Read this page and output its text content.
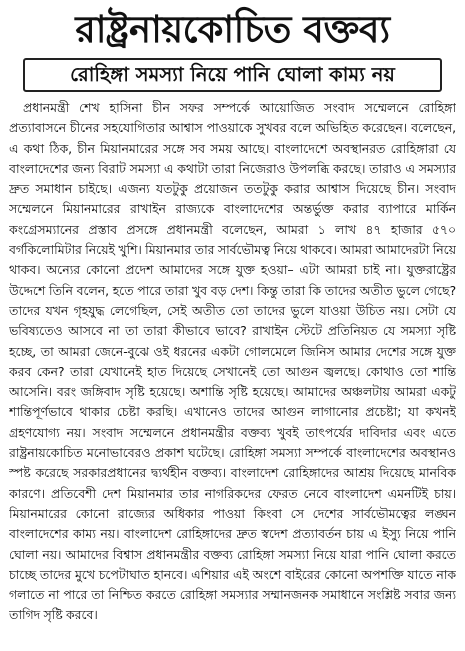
রাষ্ট্রনায়কোচিত বক্তব্য
রোহিঙ্গা সমস্যা নিয়ে পানি ঘোলা কাম্য নয়
প্রধানমন্ত্রী শেখ হাসিনা চীন সফর সম্পর্কে আয়োজিত সংবাদ সম্মেলনে রোহিঙ্গা প্রত্যাবাসনে চীনের সহযোগিতার আশ্বাস পাওয়াকে সুখবর বলে অভিহিত করেছেন। বলেছেন, এ কথা ঠিক, চীন মিয়ানমারের সঙ্গে সব সময় আছে। বাংলাদেশে অবস্থানরত রোহিঙ্গারা যে বাংলাদেশের জন্য বিরাট সমস্যা এ কথাটা তারা নিজেরাও উপলব্ধি করছে। তারাও এ সমস্যার দ্রুত সমাধান চাইছে। এজন্য যতটুকু প্রয়োজন ততটুকু করার আশ্বাস দিয়েছে চীন। সংবাদ সম্মেলনে মিয়ানমারের রাখাইন রাজ্যকে বাংলাদেশের অন্তর্ভুক্ত করার ব্যাপারে মার্কিন কংগ্রেসম্যানের প্রস্তাব প্রসঙ্গে প্রধানমন্ত্রী বলেছেন, আমরা ১ লাখ ৪৭ হাজার ৫৭০ বর্গকিলোমিটার নিয়েই খুশি। মিয়ানমার তার সার্বভৌমত্ব নিয়ে থাকবে। আমরা আমাদেরটা নিয়ে থাকব। অন্যের কোনো প্রদেশ আমাদের সঙ্গে যুক্ত হওয়া– এটা আমরা চাই না। যুক্তরাষ্ট্রের উদ্দেশে তিনি বলেন, হতে পারে তারা খুব বড় দেশ। কিন্তু তারা কি তাদের অতীত ভুলে গেছে? তাদের যখন গৃহযুদ্ধ লেগেছিল, সেই অতীত তো তাদের ভুলে যাওয়া উচিত নয়। সেটা যে ভবিষ্যতেও আসবে না তা তারা কীভাবে ভাবে? রাখাইন স্টেটে প্রতিনিয়ত যে সমস্যা সৃষ্টি হচ্ছে, তা আমরা জেনে-বুঝে ওই ধরনের একটা গোলমেলে জিনিস আমার দেশের সঙ্গে যুক্ত করব কেন? তারা যেখানেই হাত দিয়েছে সেখানেই তো আগুন জ্বলছে। কোথাও তো শান্তি আসেনি। বরং জঙ্গিবাদ সৃষ্টি হয়েছে। অশান্তি সৃষ্টি হয়েছে। আমাদের অঞ্চলটায় আমরা একটু শান্তিপূর্ণভাবে থাকার চেষ্টা করছি। এখানেও তাদের আগুন লাগানোর প্রচেষ্টা; যা কখনই গ্রহণযোগ্য নয়। সংবাদ সম্মেলনে প্রধানমন্ত্রীর বক্তব্য খুবই তাৎপর্যের দাবিদার এবং এতে রাষ্ট্রনায়কোচিত মনোভাবেরও প্রকাশ ঘটেছে। রোহিঙ্গা সমস্যা সম্পর্কে বাংলাদেশের অবস্থানও স্পষ্ট করেছে সরকারপ্রধানের দ্ব্যর্থহীন বক্তব্য। বাংলাদেশ রোহিঙ্গাদের আশ্রয় দিয়েছে মানবিক কারণে। প্রতিবেশী দেশ মিয়ানমার তার নাগরিকদের ফেরত নেবে বাংলাদেশ এমনটিই চায়। মিয়ানমারের কোনো রাজ্যের অধিকার পাওয়া কিংবা সে দেশের সার্বভৌমত্বের লঙ্ঘন বাংলাদেশের কাম্য নয়। বাংলাদেশ রোহিঙ্গাদের দ্রুত স্বদেশ প্রত্যাবর্তন চায় এ ইস্যু নিয়ে পানি ঘোলা নয়। আমাদের বিশ্বাস প্রধানমন্ত্রীর বক্তব্য রোহিঙ্গা সমস্যা নিয়ে যারা পানি ঘোলা করতে চাচ্ছে তাদের মুখে চপেটাঘাত হানবে। এশিয়ার এই অংশে বাইরের কোনো অপশক্তি যাতে নাক গলাতে না পারে তা নিশ্চিত করতে রোহিঙ্গা সমস্যার সম্মানজনক সমাধানে সংশ্লিষ্ট সবার জন্য তাগিদ সৃষ্টি করবে।
